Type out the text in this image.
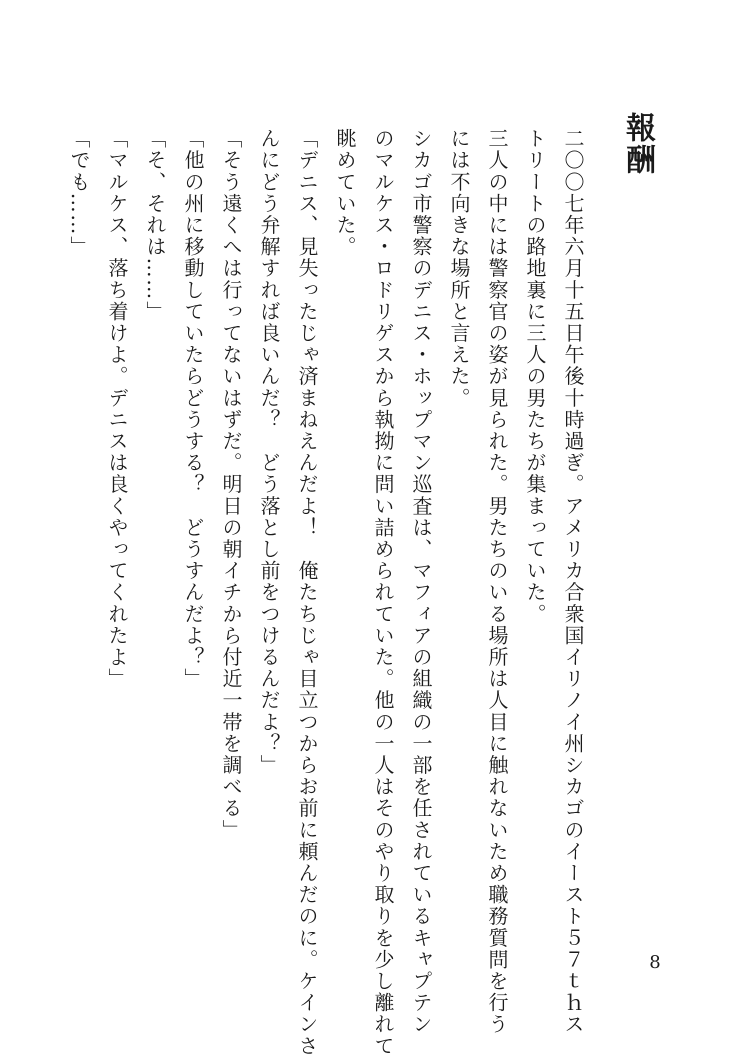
報酬
二〇〇七年六月十五日午後十時過ぎ。アメリカ合衆国イリノイ州シカゴのイースト５７ｔｈス
トリートの路地裏に三人の男たちが集まっていた。
三人の中には警察官の姿が見られた。男たちのいる場所は人目に触れないため職務質問を行う
には不向きな場所と言えた。
シカゴ市警察のデニス・ホップマン巡査は、マフィアの組織の一部を任されているキャプテン
のマルケス・ロドリゲスから執拗に問い詰められていた。他の一人はそのやり取りを少し離れて
眺めていた。
「デニス、見失ったじゃ済まねえんだよ！　俺たちじゃ目立つからお前に頼んだのに。ケインさ
んにどう弁解すれば良いんだ？　どう落とし前をつけるんだよ？」
「そう遠くへは行ってないはずだ。明日の朝イチから付近一帯を調べる」
「他の州に移動していたらどうする？　どうすんだよ？」
「そ、それは……」
「マルケス、落ち着けよ。デニスは良くやってくれたよ」
「でも……」
8
